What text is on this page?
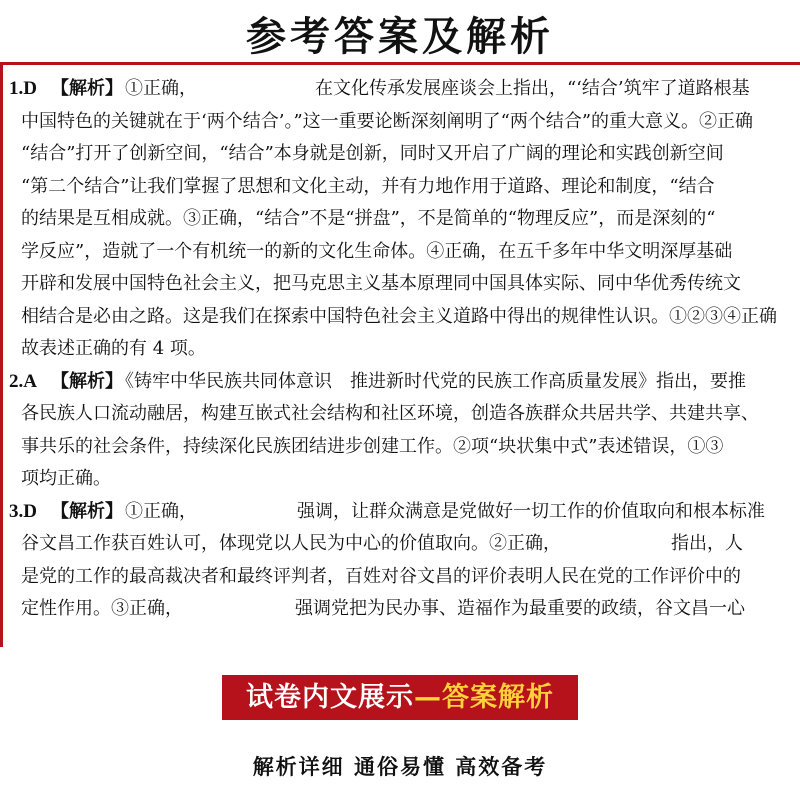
参考答案及解析
1.D 【解析】 ①正确，	在文化传承发展座谈会上指出，“‘结合’筑牢了道路根基
中国特色的关键就在于‘两个结合’。”这一重要论断深刻阐明了“两个结合”的重大意义。②正确
“结合”打开了创新空间，“结合”本身就是创新，同时又开启了广阔的理论和实践创新空间
“第二个结合”让我们掌握了思想和文化主动，并有力地作用于道路、理论和制度，“结合
的结果是互相成就。③正确，“结合”不是“拼盘”，不是简单的“物理反应”，而是深刻的“
学反应”，造就了一个有机统一的新的文化生命体。④正确，在五千多年中华文明深厚基础
开辟和发展中国特色社会主义，把马克思主义基本原理同中国具体实际、同中华优秀传统文
相结合是必由之路。这是我们在探索中国特色社会主义道路中得出的规律性认识。①②③④正确
故表述正确的有 4 项。
2.A 【解析】 《铸牢中华民族共同体意识　推进新时代党的民族工作高质量发展》指出，要推
各民族人口流动融居，构建互嵌式社会结构和社区环境，创造各族群众共居共学、共建共享、
事共乐的社会条件，持续深化民族团结进步创建工作。②项“块状集中式”表述错误，①③
项均正确。
3.D 【解析】 ①正确，	强调，让群众满意是党做好一切工作的价值取向和根本标准
谷文昌工作获百姓认可，体现党以人民为中心的价值取向。②正确，	指出，人
是党的工作的最高裁决者和最终评判者，百姓对谷文昌的评价表明人民在党的工作评价中的
定性作用。③正确，	强调党把为民办事、造福作为最重要的政绩，谷文昌一心
试卷内文展示—答案解析
解析详细 通俗易懂 高效备考
